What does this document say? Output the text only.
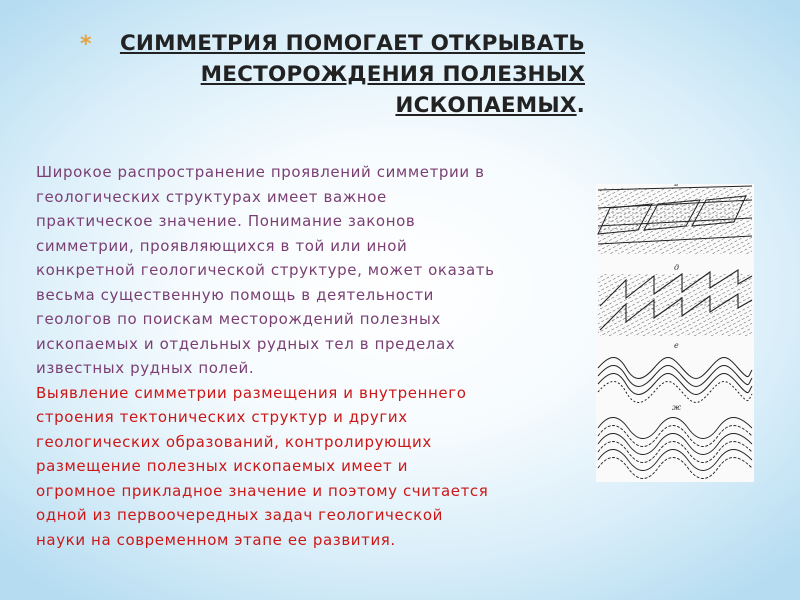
*	СИММЕТРИЯ ПОМОГАЕТ ОТКРЫВАТЬ
МЕСТОРОЖДЕНИЯ ПОЛЕЗНЫХ
ИСКОПАЕМЫХ.
Широкое распространение проявлений симметрии в
геологических структурах имеет важное
практическое значение. Понимание законов
симметрии, проявляющихся в той или иной
конкретной геологической структуре, может оказать
весьма существенную помощь в деятельности
геологов по поискам месторождений полезных
ископаемых и отдельных рудных тел в пределах
известных рудных полей.
Выявление симметрии размещения и внутреннего
строения тектонических структур и других
геологических образований, контролирующих
размещение полезных ископаемых имеет и
огромное прикладное значение и поэтому считается
одной из первоочередных задач геологической
науки на современном этапе ее развития.
в
д
е
ж
